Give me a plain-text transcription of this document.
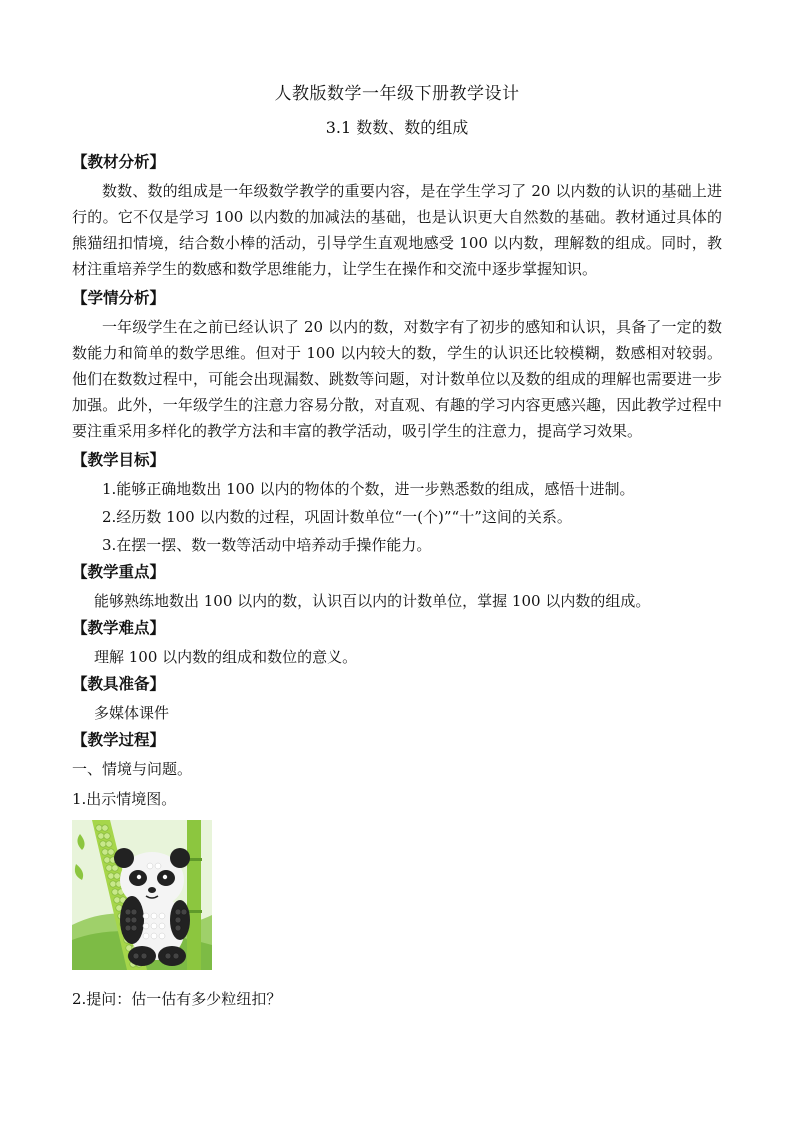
人教版数学一年级下册教学设计
3.1 数数、数的组成
【教材分析】
数数、数的组成是一年级数学教学的重要内容，是在学生学习了 20 以内数的认识的基础上进行的。它不仅是学习 100 以内数的加减法的基础，也是认识更大自然数的基础。教材通过具体的熊猫纽扣情境，结合数小棒的活动，引导学生直观地感受 100 以内数，理解数的组成。同时，教材注重培养学生的数感和数学思维能力，让学生在操作和交流中逐步掌握知识。
【学情分析】
一年级学生在之前已经认识了 20 以内的数，对数字有了初步的感知和认识，具备了一定的数数能力和简单的数学思维。但对于 100 以内较大的数，学生的认识还比较模糊，数感相对较弱。他们在数数过程中，可能会出现漏数、跳数等问题，对计数单位以及数的组成的理解也需要进一步加强。此外，一年级学生的注意力容易分散，对直观、有趣的学习内容更感兴趣，因此教学过程中要注重采用多样化的教学方法和丰富的教学活动，吸引学生的注意力，提高学习效果。
【教学目标】
1.能够正确地数出 100 以内的物体的个数，进一步熟悉数的组成，感悟十进制。
2.经历数 100 以内数的过程，巩固计数单位“一(个)”“十”这间的关系。
3.在摆一摆、数一数等活动中培养动手操作能力。
【教学重点】
能够熟练地数出 100 以内的数，认识百以内的计数单位，掌握 100 以内数的组成。
【教学难点】
理解 100 以内数的组成和数位的意义。
【教具准备】
多媒体课件
【教学过程】
一、情境与问题。
1.出示情境图。
2.提问：估一估有多少粒纽扣？
